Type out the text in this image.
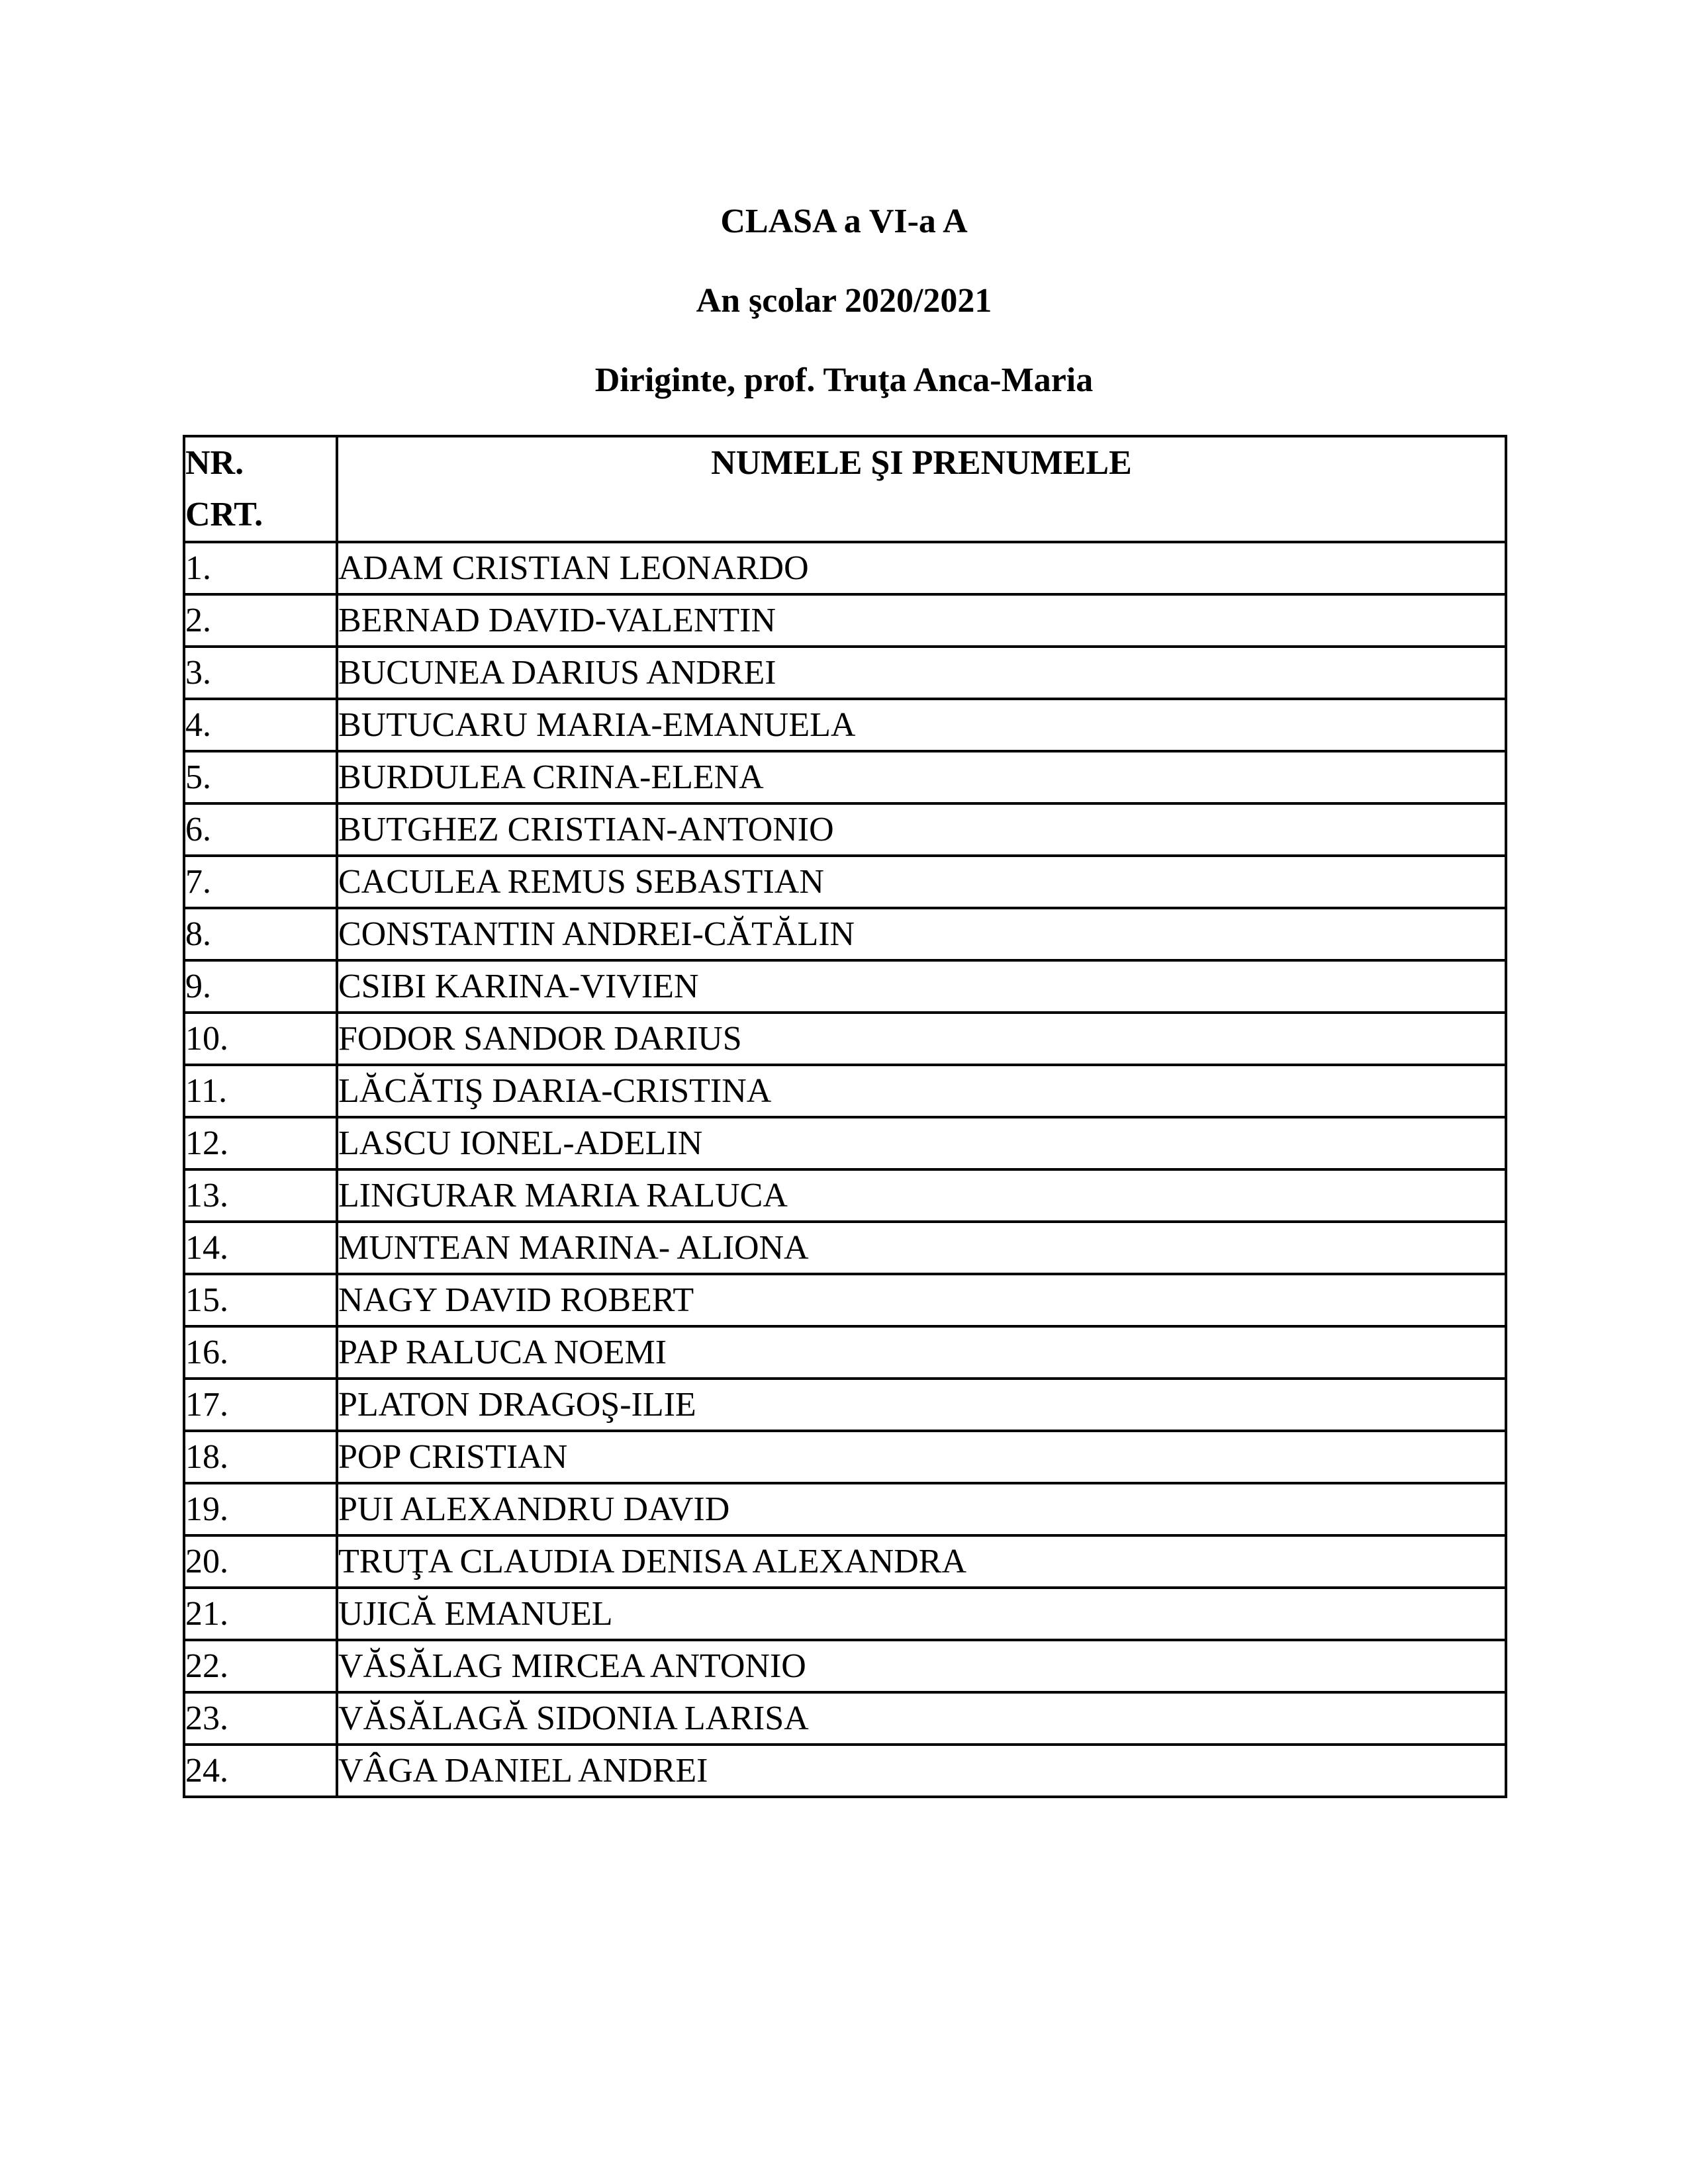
CLASA a VI-a A
An şcolar 2020/2021
Diriginte, prof. Truţa Anca-Maria
NR.
CRT.	NUMELE ŞI PRENUMELE
1.	ADAM CRISTIAN LEONARDO
2.	BERNAD DAVID-VALENTIN
3.	BUCUNEA DARIUS ANDREI
4.	BUTUCARU MARIA-EMANUELA
5.	BURDULEA CRINA-ELENA
6.	BUTGHEZ CRISTIAN-ANTONIO
7.	CACULEA REMUS SEBASTIAN
8.	CONSTANTIN ANDREI-CĂTĂLIN
9.	CSIBI KARINA-VIVIEN
10.	FODOR SANDOR DARIUS
11.	LĂCĂTIŞ DARIA-CRISTINA
12.	LASCU IONEL-ADELIN
13.	LINGURAR MARIA RALUCA
14.	MUNTEAN MARINA- ALIONA
15.	NAGY DAVID ROBERT
16.	PAP RALUCA NOEMI
17.	PLATON DRAGOŞ-ILIE
18.	POP CRISTIAN
19.	PUI ALEXANDRU DAVID
20.	TRUŢA CLAUDIA DENISA ALEXANDRA
21.	UJICĂ EMANUEL
22.	VĂSĂLAG MIRCEA ANTONIO
23.	VĂSĂLAGĂ SIDONIA LARISA
24.	VÂGA DANIEL ANDREI
